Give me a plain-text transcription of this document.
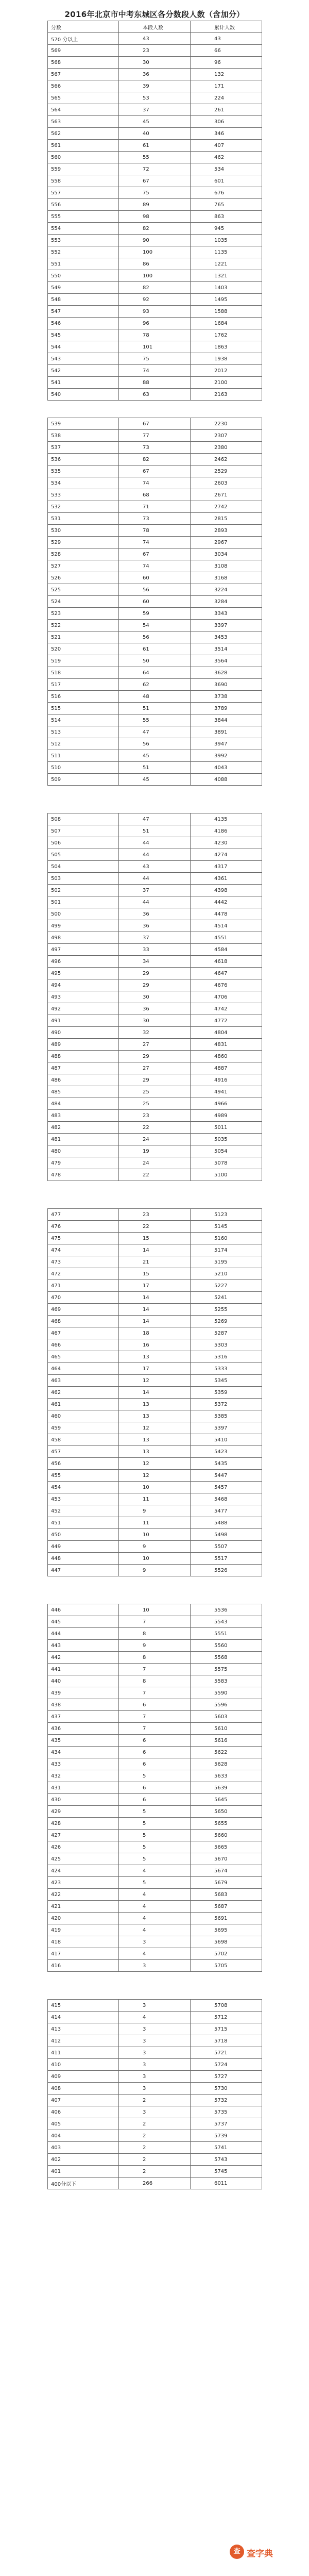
2016年北京市中考东城区各分数段人数（含加分）
分数	本段人数	累计人数
570 分以上	43	43
569	23	66
568	30	96
567	36	132
566	39	171
565	53	224
564	37	261
563	45	306
562	40	346
561	61	407
560	55	462
559	72	534
558	67	601
557	75	676
556	89	765
555	98	863
554	82	945
553	90	1035
552	100	1135
551	86	1221
550	100	1321
549	82	1403
548	92	1495
547	93	1588
546	96	1684
545	78	1762
544	101	1863
543	75	1938
542	74	2012
541	88	2100
540	63	2163
539	67	2230
538	77	2307
537	73	2380
536	82	2462
535	67	2529
534	74	2603
533	68	2671
532	71	2742
531	73	2815
530	78	2893
529	74	2967
528	67	3034
527	74	3108
526	60	3168
525	56	3224
524	60	3284
523	59	3343
522	54	3397
521	56	3453
520	61	3514
519	50	3564
518	64	3628
517	62	3690
516	48	3738
515	51	3789
514	55	3844
513	47	3891
512	56	3947
511	45	3992
510	51	4043
509	45	4088
508	47	4135
507	51	4186
506	44	4230
505	44	4274
504	43	4317
503	44	4361
502	37	4398
501	44	4442
500	36	4478
499	36	4514
498	37	4551
497	33	4584
496	34	4618
495	29	4647
494	29	4676
493	30	4706
492	36	4742
491	30	4772
490	32	4804
489	27	4831
488	29	4860
487	27	4887
486	29	4916
485	25	4941
484	25	4966
483	23	4989
482	22	5011
481	24	5035
480	19	5054
479	24	5078
478	22	5100
477	23	5123
476	22	5145
475	15	5160
474	14	5174
473	21	5195
472	15	5210
471	17	5227
470	14	5241
469	14	5255
468	14	5269
467	18	5287
466	16	5303
465	13	5316
464	17	5333
463	12	5345
462	14	5359
461	13	5372
460	13	5385
459	12	5397
458	13	5410
457	13	5423
456	12	5435
455	12	5447
454	10	5457
453	11	5468
452	9	5477
451	11	5488
450	10	5498
449	9	5507
448	10	5517
447	9	5526
446	10	5536
445	7	5543
444	8	5551
443	9	5560
442	8	5568
441	7	5575
440	8	5583
439	7	5590
438	6	5596
437	7	5603
436	7	5610
435	6	5616
434	6	5622
433	6	5628
432	5	5633
431	6	5639
430	6	5645
429	5	5650
428	5	5655
427	5	5660
426	5	5665
425	5	5670
424	4	5674
423	5	5679
422	4	5683
421	4	5687
420	4	5691
419	4	5695
418	3	5698
417	4	5702
416	3	5705
415	3	5708
414	4	5712
413	3	5715
412	3	5718
411	3	5721
410	3	5724
409	3	5727
408	3	5730
407	2	5732
406	3	5735
405	2	5737
404	2	5739
403	2	5741
402	2	5743
401	2	5745
400分以下	266	6011
查 查字典
